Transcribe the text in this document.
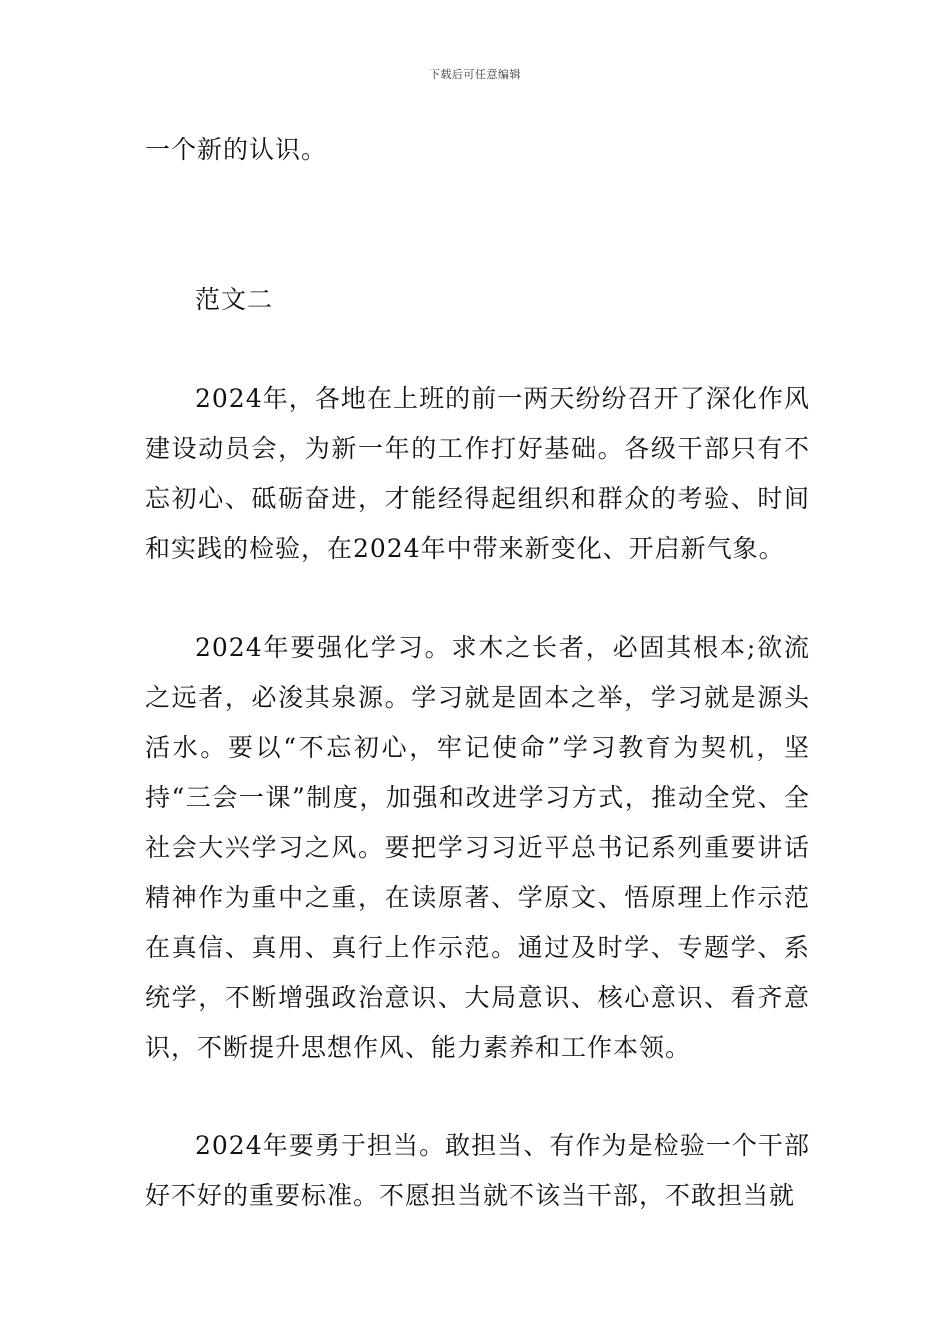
下载后可任意编辑

一个新的认识。

范文二

2024年，各地在上班的前一两天纷纷召开了深化作风建设动员会，为新一年的工作打好基础。各级干部只有不忘初心、砥砺奋进，才能经得起组织和群众的考验、时间和实践的检验，在2024年中带来新变化、开启新气象。

2024年要强化学习。求木之长者，必固其根本;欲流之远者，必浚其泉源。学习就是固本之举，学习就是源头活水。要以“不忘初心，牢记使命”学习教育为契机，坚持“三会一课”制度，加强和改进学习方式，推动全党、全社会大兴学习之风。要把学习习近平总书记系列重要讲话精神作为重中之重，在读原著、学原文、悟原理上作示范在真信、真用、真行上作示范。通过及时学、专题学、系统学，不断增强政治意识、大局意识、核心意识、看齐意识，不断提升思想作风、能力素养和工作本领。

2024年要勇于担当。敢担当、有作为是检验一个干部好不好的重要标准。不愿担当就不该当干部，不敢担当就
